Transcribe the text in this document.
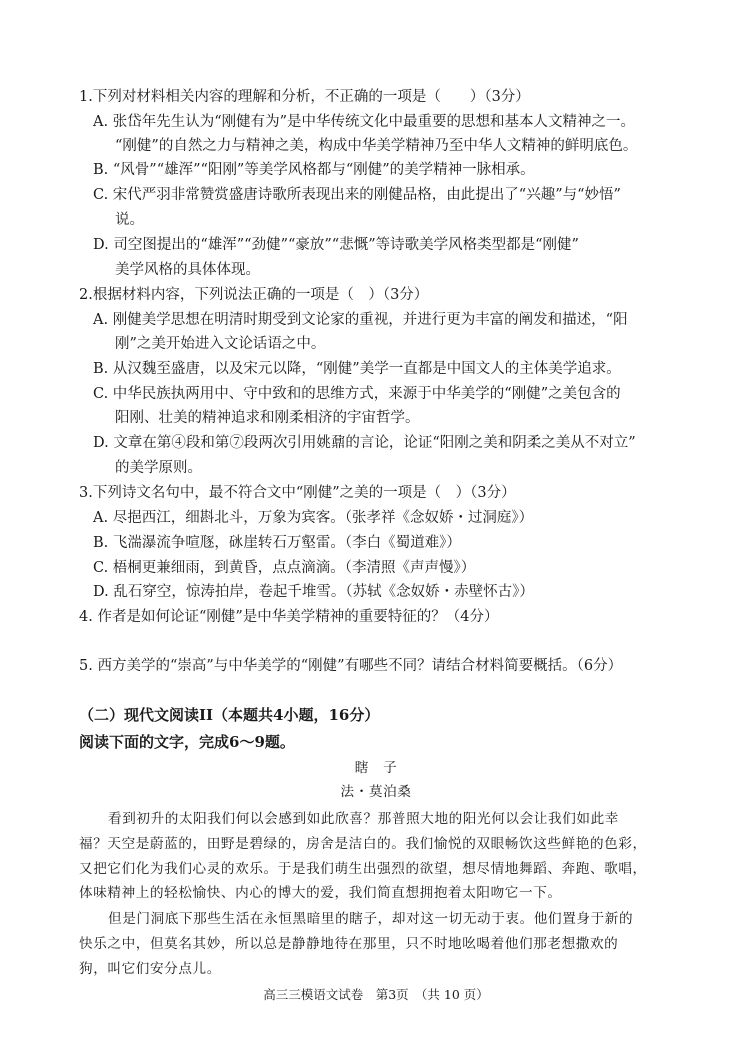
1.下列对材料相关内容的理解和分析，不正确的一项是（　　）（3分）
A. 张岱年先生认为“刚健有为”是中华传统文化中最重要的思想和基本人文精神之一。
“刚健”的自然之力与精神之美，构成中华美学精神乃至中华人文精神的鲜明底色。
B. “风骨”“雄浑”“阳刚”等美学风格都与“刚健”的美学精神一脉相承。
C. 宋代严羽非常赞赏盛唐诗歌所表现出来的刚健品格，由此提出了“兴趣”与“妙悟”
说。
D. 司空图提出的“雄浑”“劲健”“豪放”“悲慨”等诗歌美学风格类型都是“刚健”
美学风格的具体体现。
2.根据材料内容，下列说法正确的一项是（　）（3分）
A. 刚健美学思想在明清时期受到文论家的重视，并进行更为丰富的阐发和描述，“阳
刚”之美开始进入文论话语之中。
B. 从汉魏至盛唐，以及宋元以降，“刚健”美学一直都是中国文人的主体美学追求。
C. 中华民族执两用中、守中致和的思维方式，来源于中华美学的“刚健”之美包含的
阳刚、壮美的精神追求和刚柔相济的宇宙哲学。
D. 文章在第④段和第⑦段两次引用姚鼐的言论，论证“阳刚之美和阴柔之美从不对立”
的美学原则。
3.下列诗文名句中，最不符合文中“刚健”之美的一项是（　）（3分）
A. 尽挹西江，细斟北斗，万象为宾客。（张孝祥《念奴娇・过洞庭》）
B. 飞湍瀑流争喧豗，砯崖转石万壑雷。（李白《蜀道难》）
C. 梧桐更兼细雨，到黄昏，点点滴滴。（李清照《声声慢》）
D. 乱石穿空，惊涛拍岸，卷起千堆雪。（苏轼《念奴娇・赤壁怀古》）
4. 作者是如何论证“刚健”是中华美学精神的重要特征的？（4分）
5. 西方美学的“崇高”与中华美学的“刚健”有哪些不同？请结合材料简要概括。（6分）
（二）现代文阅读II（本题共4小题，16分）
阅读下面的文字，完成6～9题。
瞎　子
法・莫泊桑
看到初升的太阳我们何以会感到如此欣喜？那普照大地的阳光何以会让我们如此幸
福？天空是蔚蓝的，田野是碧绿的，房舍是洁白的。我们愉悦的双眼畅饮这些鲜艳的色彩，
又把它们化为我们心灵的欢乐。于是我们萌生出强烈的欲望，想尽情地舞蹈、奔跑、歌唱，
体味精神上的轻松愉快、内心的博大的爱，我们简直想拥抱着太阳吻它一下。
但是门洞底下那些生活在永恒黑暗里的瞎子，却对这一切无动于衷。他们置身于新的
快乐之中，但莫名其妙，所以总是静静地待在那里，只不时地吆喝着他们那老想撒欢的
狗，叫它们安分点儿。
高三三模语文试卷　第3页　（共 10 页）
